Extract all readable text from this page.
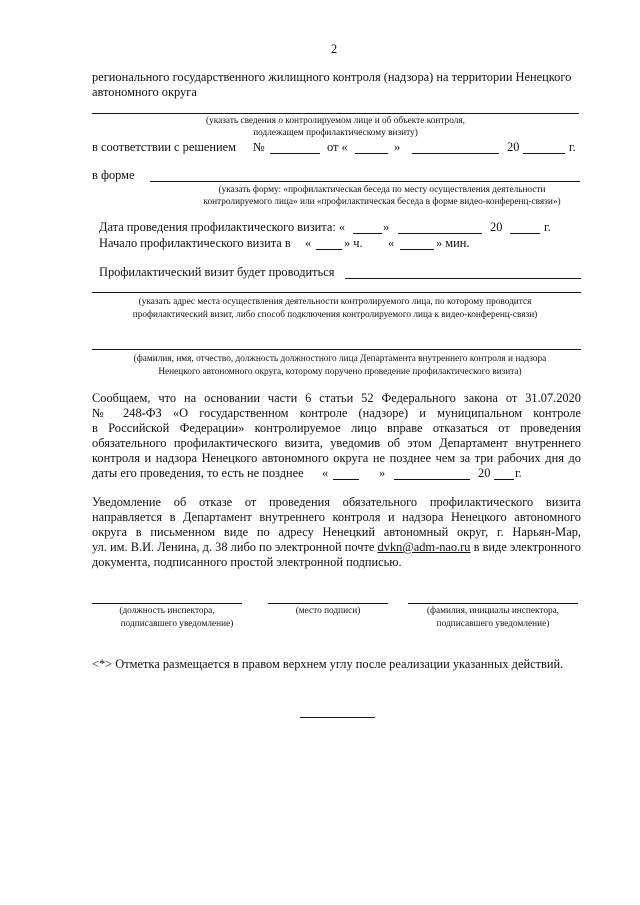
2
регионального государственного жилищного контроля (надзора) на территории Ненецкого
автономного округа
(указать сведения о контролируемом лице и об объекте контроля,
подлежащем профилактическому визиту)
в соответствии с решением №	от «	»	20	г.
в форме
(указать форму: «профилактическая беседа по месту осуществления деятельности
контролируемого лица» или «профилактическая беседа в форме видео-конференц-связи»)
Дата проведения профилактического визита: «	»	20	г.
Начало профилактического визита в «	» ч. «	» мин.
Профилактический визит будет проводиться
(указать адрес места осуществления деятельности контролируемого лица, по которому проводится
профилактический визит, либо способ подключения контролируемого лица к видео-конференц-связи)
(фамилия, имя, отчество, должность должностного лица Департамента внутреннего контроля и надзора
Ненецкого автономного округа, которому поручено проведение профилактического визита)
Сообщаем, что на основании части 6 статьи 52 Федерального закона от 31.07.2020
№ 248-ФЗ «О государственном контроле (надзоре) и муниципальном контроле
в Российской Федерации» контролируемое лицо вправе отказаться от проведения
обязательного профилактического визита, уведомив об этом Департамент внутреннего
контроля и надзора Ненецкого автономного округа не позднее чем за три рабочих дня до
даты его проведения, то есть не позднее «	»	20 г.
Уведомление об отказе от проведения обязательного профилактического визита
направляется в Департамент внутреннего контроля и надзора Ненецкого автономного
округа в письменном виде по адресу Ненецкий автономный округ, г. Нарьян-Мар,
ул. им. В.И. Ленина, д. 38 либо по электронной почте dvkn@adm-nao.ru в виде электронного
документа, подписанного простой электронной подписью.
(должность инспектора,
подписавшего уведомление)
(место подписи)	(фамилия, инициалы инспектора,
подписавшего уведомление)
<*> Отметка размещается в правом верхнем углу после реализации указанных действий.
